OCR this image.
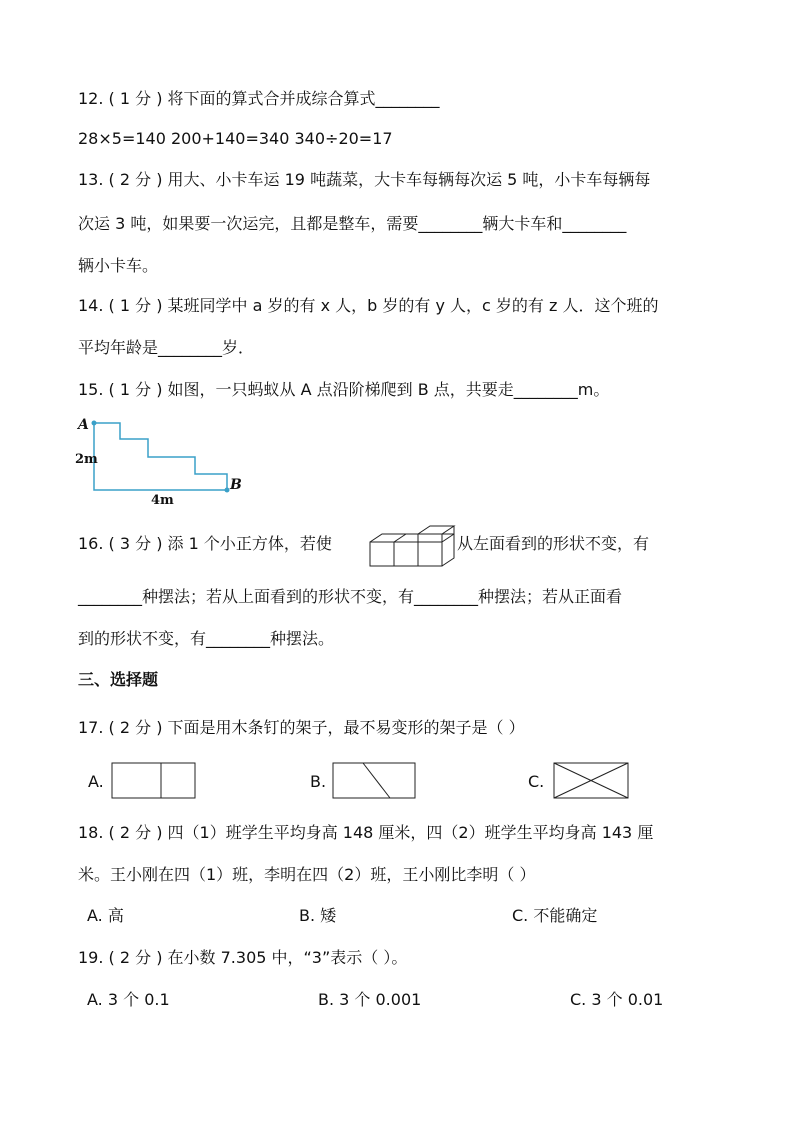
12. ( 1 分 ) 将下面的算式合并成综合算式________

28×5=140 200+140=340 340÷20=17

13. ( 2 分 ) 用大、小卡车运 19 吨蔬菜，大卡车每辆每次运 5 吨，小卡车每辆每

次运 3 吨，如果要一次运完，且都是整车，需要________辆大卡车和________

辆小卡车。

14. ( 1 分 ) 某班同学中 a 岁的有 x 人，b 岁的有 y 人，c 岁的有 z 人．这个班的

平均年龄是________岁．

15. ( 1 分 ) 如图，一只蚂蚁从 A 点沿阶梯爬到 B 点，共要走________m。

A
B
2m
4m

16. ( 3 分 ) 添 1 个小正方体，若使	从左面看到的形状不变，有

________种摆法；若从上面看到的形状不变，有________种摆法；若从正面看

到的形状不变，有________种摆法。

三、选择题

17. ( 2 分 ) 下面是用木条钉的架子，最不易变形的架子是（ ）

A.	B.	C.

18. ( 2 分 ) 四（1）班学生平均身高 148 厘米，四（2）班学生平均身高 143 厘

米。王小刚在四（1）班，李明在四（2）班，王小刚比李明（ ）

A. 高	B. 矮	C. 不能确定

19. ( 2 分 ) 在小数 7.305 中，“3”表示（ ）。

A. 3 个 0.1	B. 3 个 0.001	C. 3 个 0.01
